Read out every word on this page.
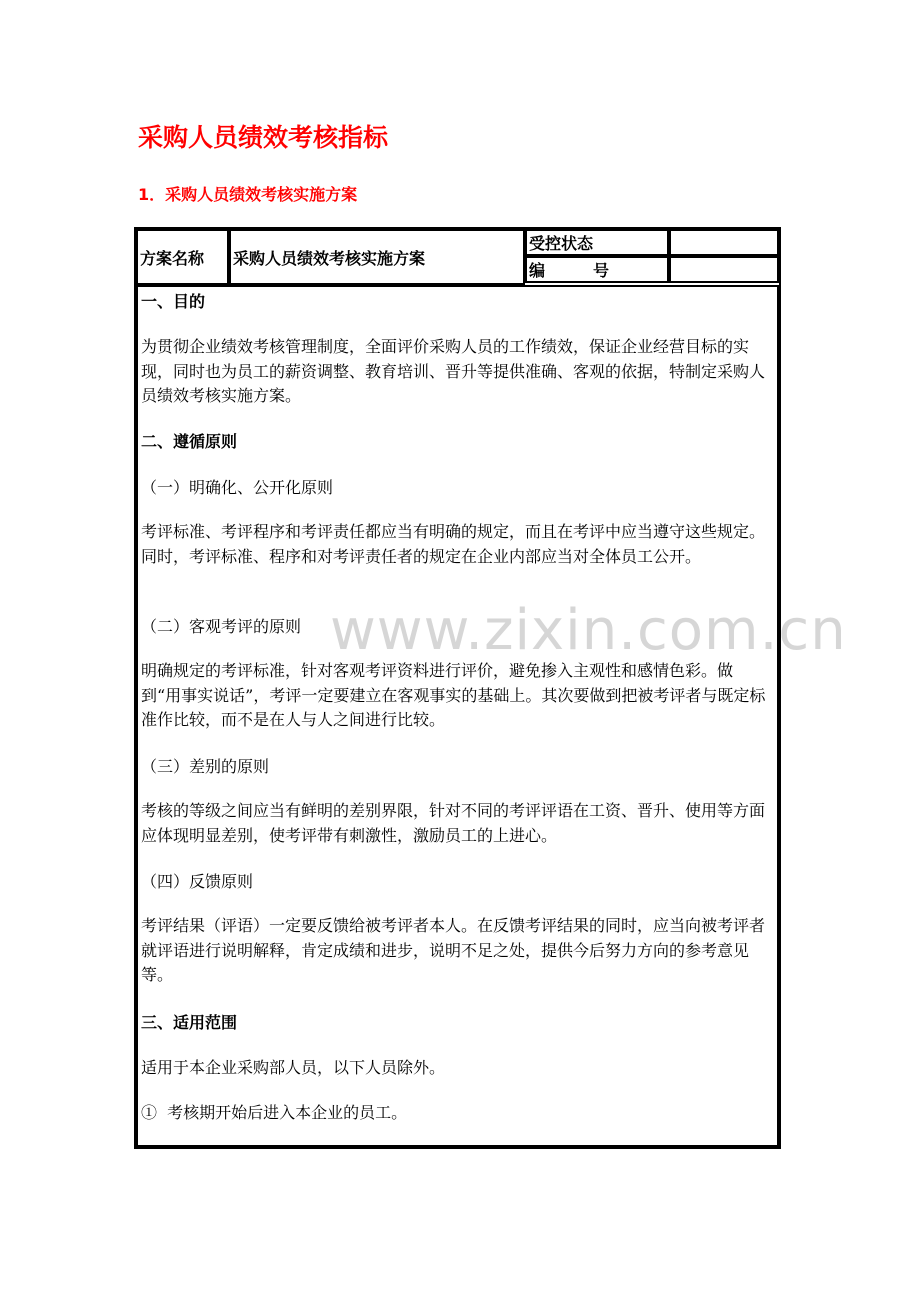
采购人员绩效考核指标
1．采购人员绩效考核实施方案
方案名称	采购人员绩效考核实施方案
受控状态
编　　　号
一、目的
为贯彻企业绩效考核管理制度，全面评价采购人员的工作绩效，保证企业经营目标的实现，同时也为员工的薪资调整、教育培训、晋升等提供准确、客观的依据，特制定采购人员绩效考核实施方案。
二、遵循原则
（一）明确化、公开化原则
考评标准、考评程序和考评责任都应当有明确的规定，而且在考评中应当遵守这些规定。同时，考评标准、程序和对考评责任者的规定在企业内部应当对全体员工公开。
（二）客观考评的原则
明确规定的考评标准，针对客观考评资料进行评价，避免掺入主观性和感情色彩。做到“用事实说话”，考评一定要建立在客观事实的基础上。其次要做到把被考评者与既定标准作比较，而不是在人与人之间进行比较。
（三）差别的原则
考核的等级之间应当有鲜明的差别界限，针对不同的考评评语在工资、晋升、使用等方面应体现明显差别，使考评带有刺激性，激励员工的上进心。
（四）反馈原则
考评结果（评语）一定要反馈给被考评者本人。在反馈考评结果的同时，应当向被考评者就评语进行说明解释，肯定成绩和进步，说明不足之处，提供今后努力方向的参考意见等。
三、适用范围
适用于本企业采购部人员，以下人员除外。
①  考核期开始后进入本企业的员工。
www.zixin.com.cn
